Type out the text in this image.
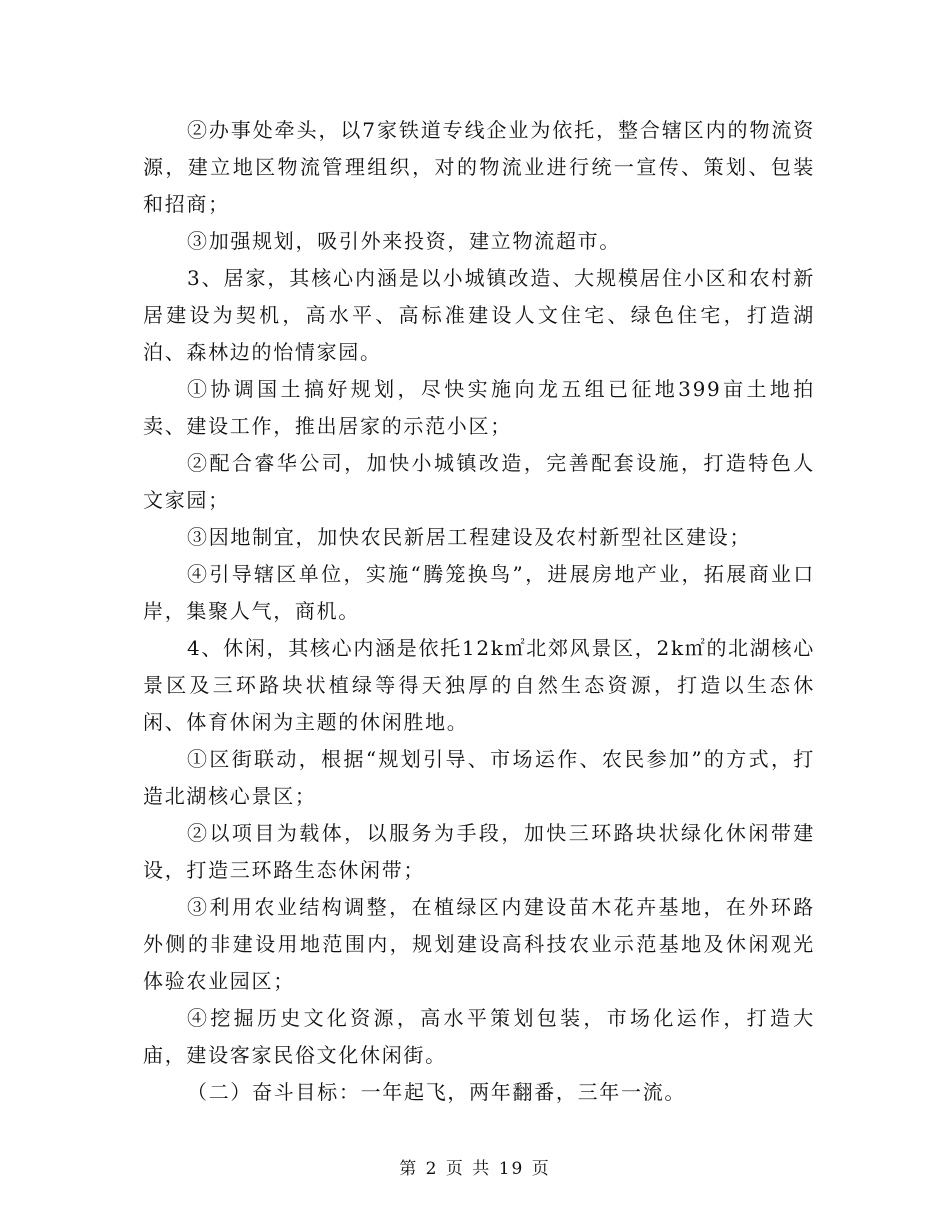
②办事处牵头，以7家铁道专线企业为依托，整合辖区内的物流资源，建立地区物流管理组织，对的物流业进行统一宣传、策划、包装和招商；

③加强规划，吸引外来投资，建立物流超市。

3、居家，其核心内涵是以小城镇改造、大规模居住小区和农村新居建设为契机，高水平、高标准建设人文住宅、绿色住宅，打造湖泊、森林边的怡情家园。

①协调国土搞好规划，尽快实施向龙五组已征地399亩土地拍卖、建设工作，推出居家的示范小区；

②配合睿华公司，加快小城镇改造，完善配套设施，打造特色人文家园；

③因地制宜，加快农民新居工程建设及农村新型社区建设；

④引导辖区单位，实施“腾笼换鸟”，进展房地产业，拓展商业口岸，集聚人气，商机。

4、休闲，其核心内涵是依托12k㎡北郊风景区，2k㎡的北湖核心景区及三环路块状植绿等得天独厚的自然生态资源，打造以生态休闲、体育休闲为主题的休闲胜地。

①区街联动，根据“规划引导、市场运作、农民参加”的方式，打造北湖核心景区；

②以项目为载体，以服务为手段，加快三环路块状绿化休闲带建设，打造三环路生态休闲带；

③利用农业结构调整，在植绿区内建设苗木花卉基地，在外环路外侧的非建设用地范围内，规划建设高科技农业示范基地及休闲观光体验农业园区；

④挖掘历史文化资源，高水平策划包装，市场化运作，打造大庙，建设客家民俗文化休闲街。

（二）奋斗目标：一年起飞，两年翻番，三年一流。

第 2 页 共 19 页
